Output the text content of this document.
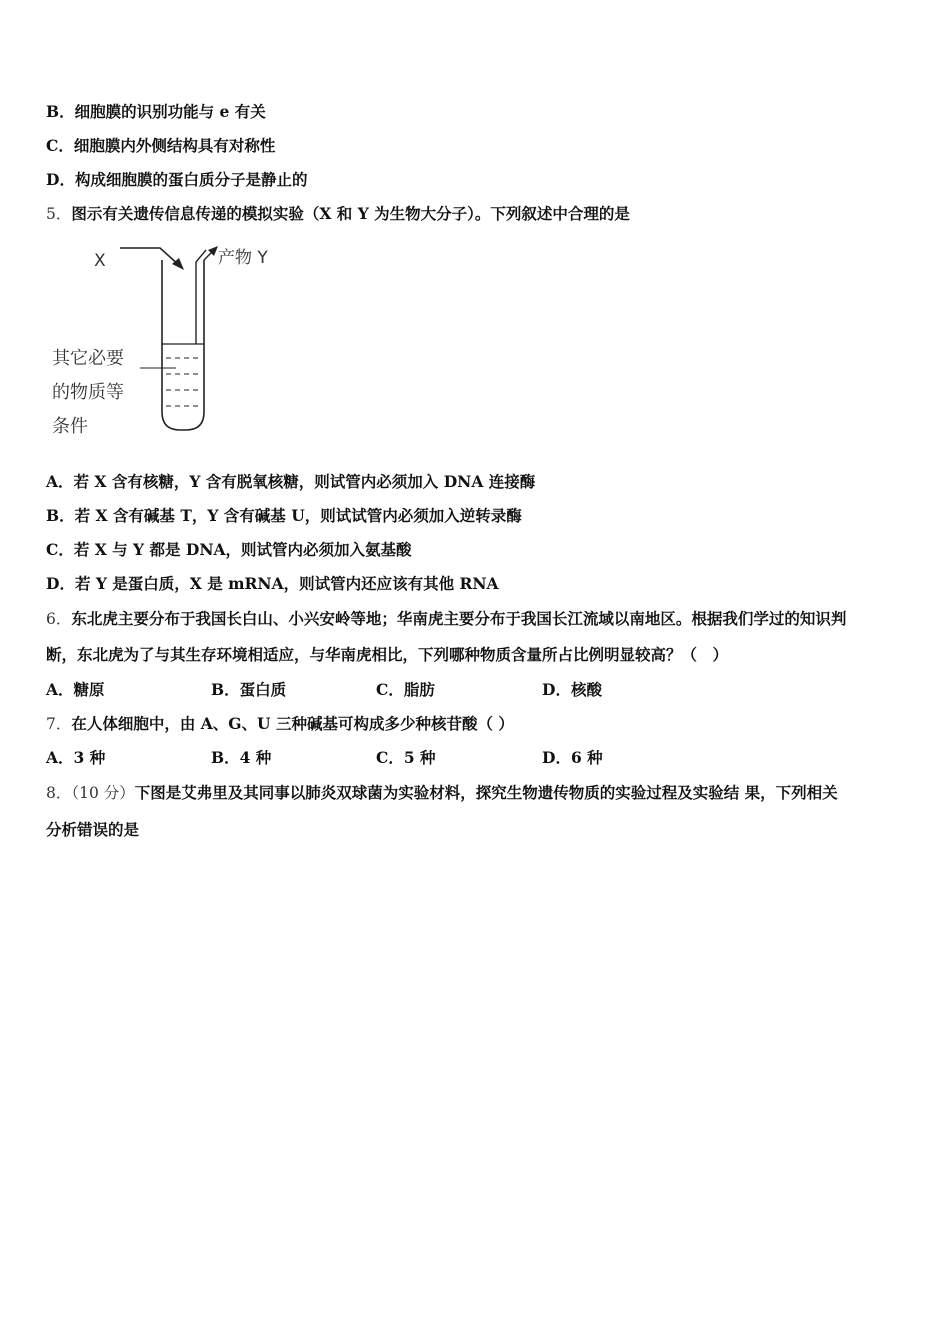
B．细胞膜的识别功能与 e 有关
C．细胞膜内外侧结构具有对称性
D．构成细胞膜的蛋白质分子是静止的
5．图示有关遗传信息传递的模拟实验（X 和 Y 为生物大分子）。下列叙述中合理的是
X	产物 Y
其它必要
的物质等
条件
A．若 X 含有核糖，Y 含有脱氧核糖，则试管内必须加入 DNA 连接酶
B．若 X 含有碱基 T，Y 含有碱基 U，则试试管内必须加入逆转录酶
C．若 X 与 Y 都是 DNA，则试管内必须加入氨基酸
D．若 Y 是蛋白质，X 是 mRNA，则试管内还应该有其他 RNA
6．东北虎主要分布于我国长白山、小兴安岭等地；华南虎主要分布于我国长江流域以南地区。根据我们学过的知识判
断，东北虎为了与其生存环境相适应，与华南虎相比，下列哪种物质含量所占比例明显较高？（　）
A．糖原	B．蛋白质	C．脂肪	D．核酸
7．在人体细胞中，由 A、G、U 三种碱基可构成多少种核苷酸（ ）
A．3 种	B．4 种	C．5 种	D．6 种
8．（10 分）下图是艾弗里及其同事以肺炎双球菌为实验材料，探究生物遗传物质的实验过程及实验结 果，下列相关
分析错误的是
